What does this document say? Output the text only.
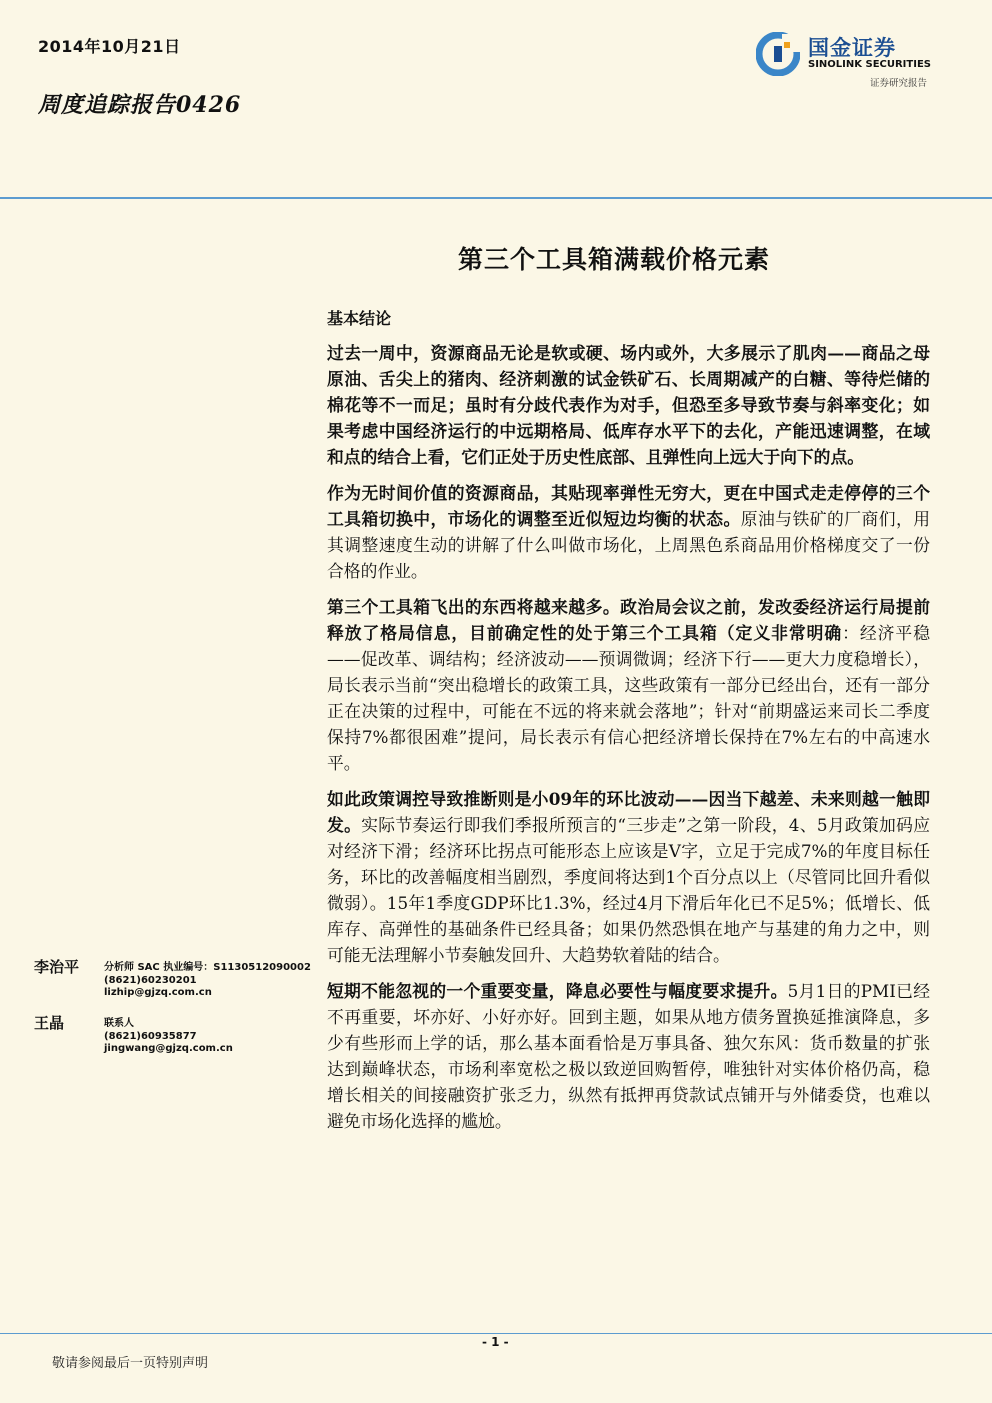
2014年10月21日
周度追踪报告0426
国金证券
SINOLINK SECURITIES
证券研究报告
第三个工具箱满载价格元素
基本结论

过去一周中，资源商品无论是软或硬、场内或外，大多展示了肌肉——商品之母原油、舌尖上的猪肉、经济刺激的试金铁矿石、长周期减产的白糖、等待烂储的棉花等不一而足；虽时有分歧代表作为对手，但恐至多导致节奏与斜率变化；如果考虑中国经济运行的中远期格局、低库存水平下的去化，产能迅速调整，在域和点的结合上看，它们正处于历史性底部、且弹性向上远大于向下的点。

作为无时间价值的资源商品，其贴现率弹性无穷大，更在中国式走走停停的三个工具箱切换中，市场化的调整至近似短边均衡的状态。原油与铁矿的厂商们，用其调整速度生动的讲解了什么叫做市场化，上周黑色系商品用价格梯度交了一份合格的作业。

第三个工具箱飞出的东西将越来越多。政治局会议之前，发改委经济运行局提前释放了格局信息，目前确定性的处于第三个工具箱（定义非常明确：经济平稳——促改革、调结构；经济波动——预调微调；经济下行——更大力度稳增长），局长表示当前“突出稳增长的政策工具，这些政策有一部分已经出台，还有一部分正在决策的过程中，可能在不远的将来就会落地”；针对“前期盛运来司长二季度保持7%都很困难”提问，局长表示有信心把经济增长保持在7%左右的中高速水平。

如此政策调控导致推断则是小09年的环比波动——因当下越差、未来则越一触即发。实际节奏运行即我们季报所预言的“三步走”之第一阶段，4、5月政策加码应对经济下滑；经济环比拐点可能形态上应该是V字，立足于完成7%的年度目标任务，环比的改善幅度相当剧烈，季度间将达到1个百分点以上（尽管同比回升看似微弱）。15年1季度GDP环比1.3%，经过4月下滑后年化已不足5%；低增长、低库存、高弹性的基础条件已经具备；如果仍然恐惧在地产与基建的角力之中，则可能无法理解小节奏触发回升、大趋势软着陆的结合。

短期不能忽视的一个重要变量，降息必要性与幅度要求提升。5月1日的PMI已经不再重要，坏亦好、小好亦好。回到主题，如果从地方债务置换延推演降息，多少有些形而上学的话，那么基本面看恰是万事具备、独欠东风：货币数量的扩张达到巅峰状态，市场利率宽松之极以致逆回购暂停，唯独针对实体价格仍高，稳增长相关的间接融资扩张乏力，纵然有抵押再贷款试点铺开与外储委贷，也难以避免市场化选择的尴尬。

李治平 分析师 SAC 执业编号：S1130512090002
(8621)60230201
lizhip@gjzq.com.cn
王晶	联系人
(8621)60935877
jingwang@gjzq.com.cn
- 1 -
敬请参阅最后一页特别声明
